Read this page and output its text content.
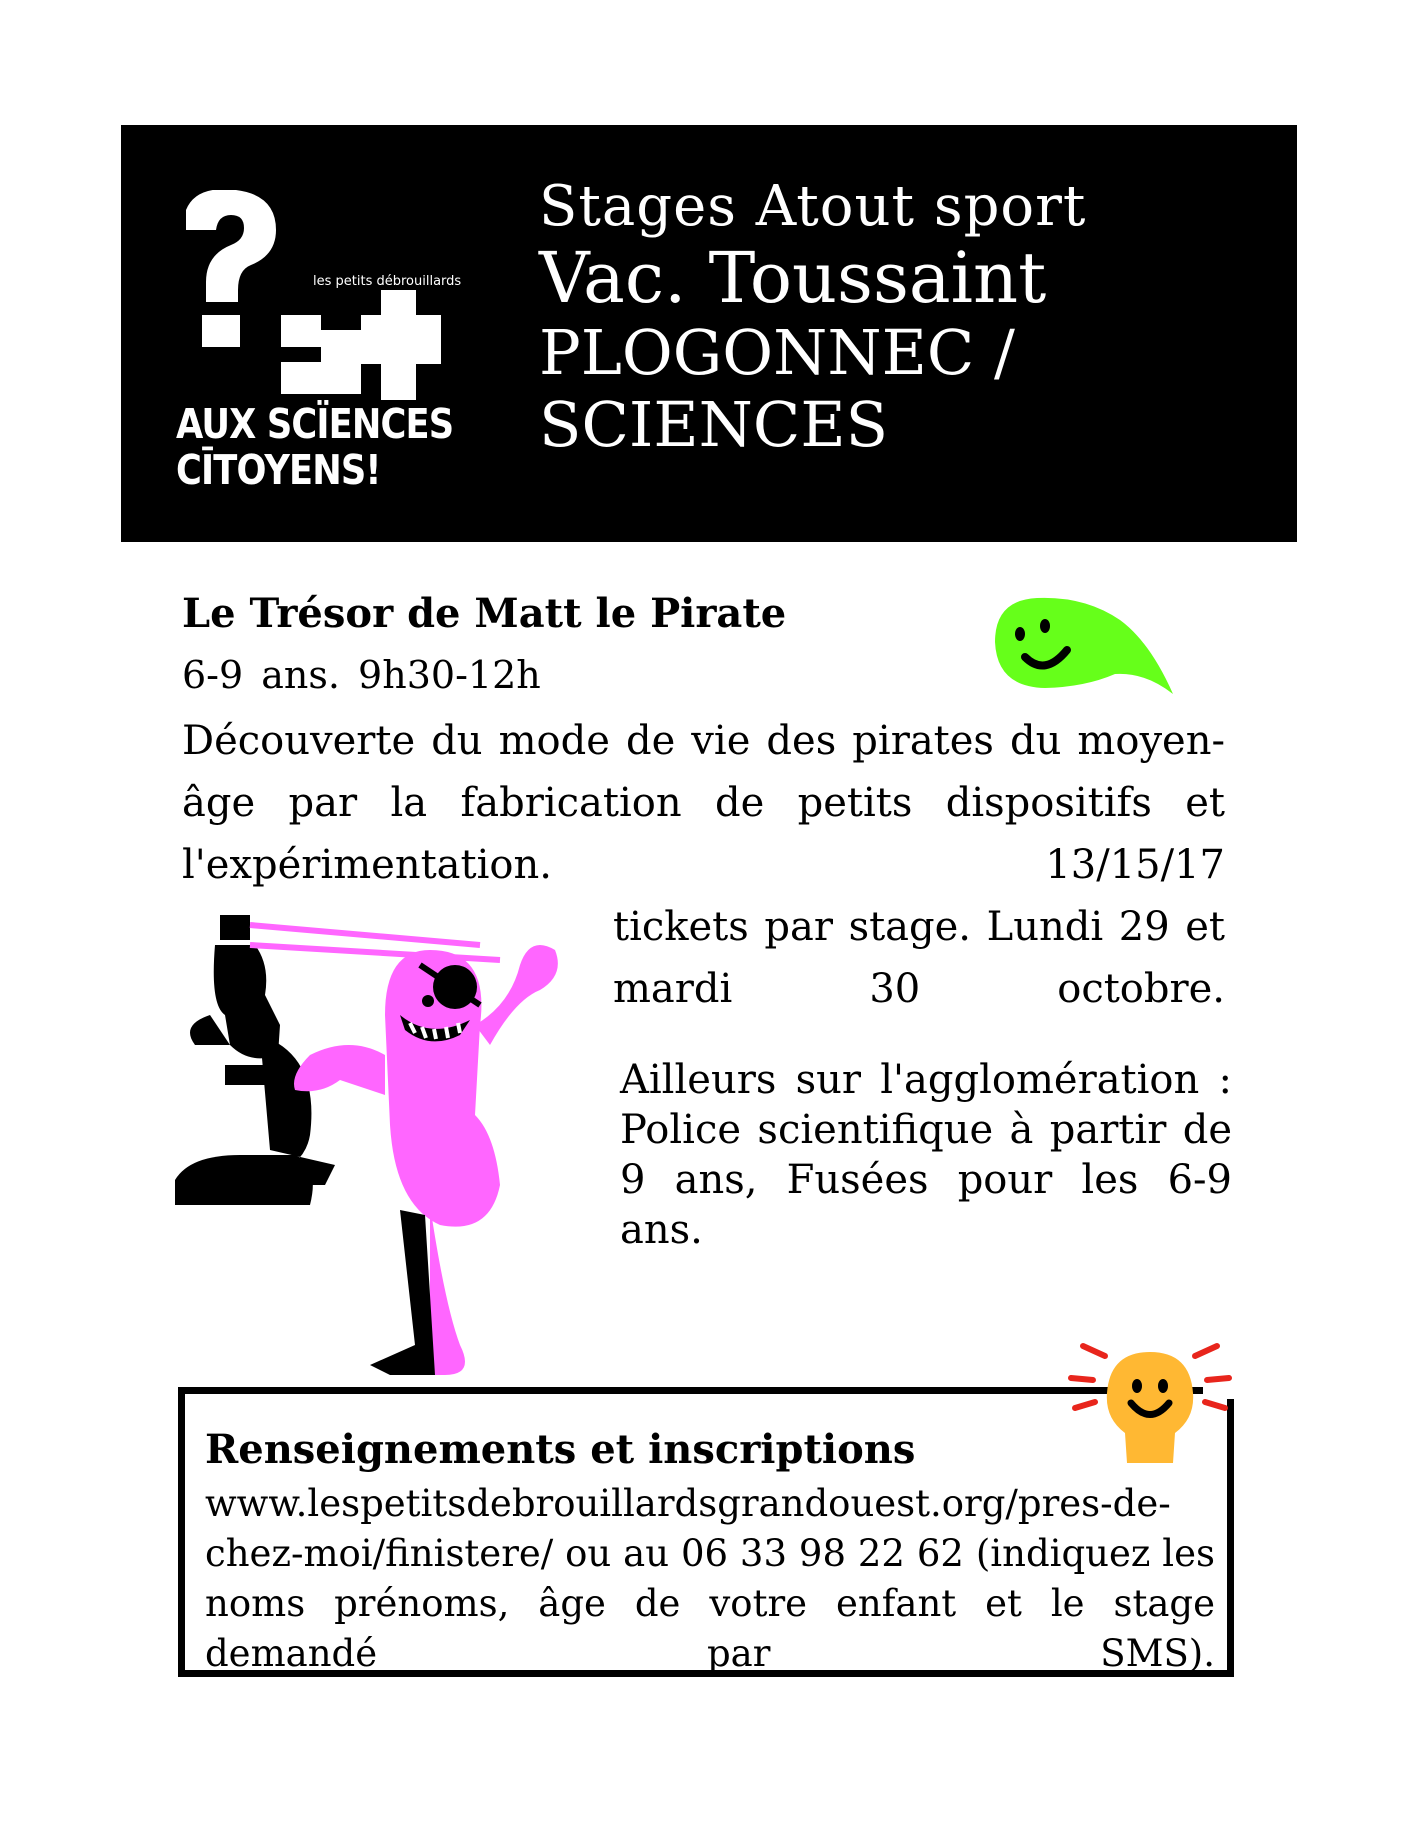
les petits débrouillards
AUX SCÏENCES
CĪTOYENS!
Stages Atout sport
Vac. Toussaint
PLOGONNEC /
SCIENCES
Le Trésor de Matt le Pirate
6-9 ans. 9h30-12h
Découverte du mode de vie des pirates du moyen-âge par la fabrication de petits dispositifs et l'expérimentation. 13/15/17
tickets par stage. Lundi 29 et mardi 30 octobre.
Ailleurs sur l'agglomération : Police scientifique à partir de 9 ans, Fusées pour les 6-9 ans.
Renseignements et inscriptions
www.lespetitsdebrouillardsgrandouest.org/pres-de-chez-moi/finistere/ ou au 06 33 98 22 62 (indiquez les noms prénoms, âge de votre enfant et le stage demandé par SMS).
